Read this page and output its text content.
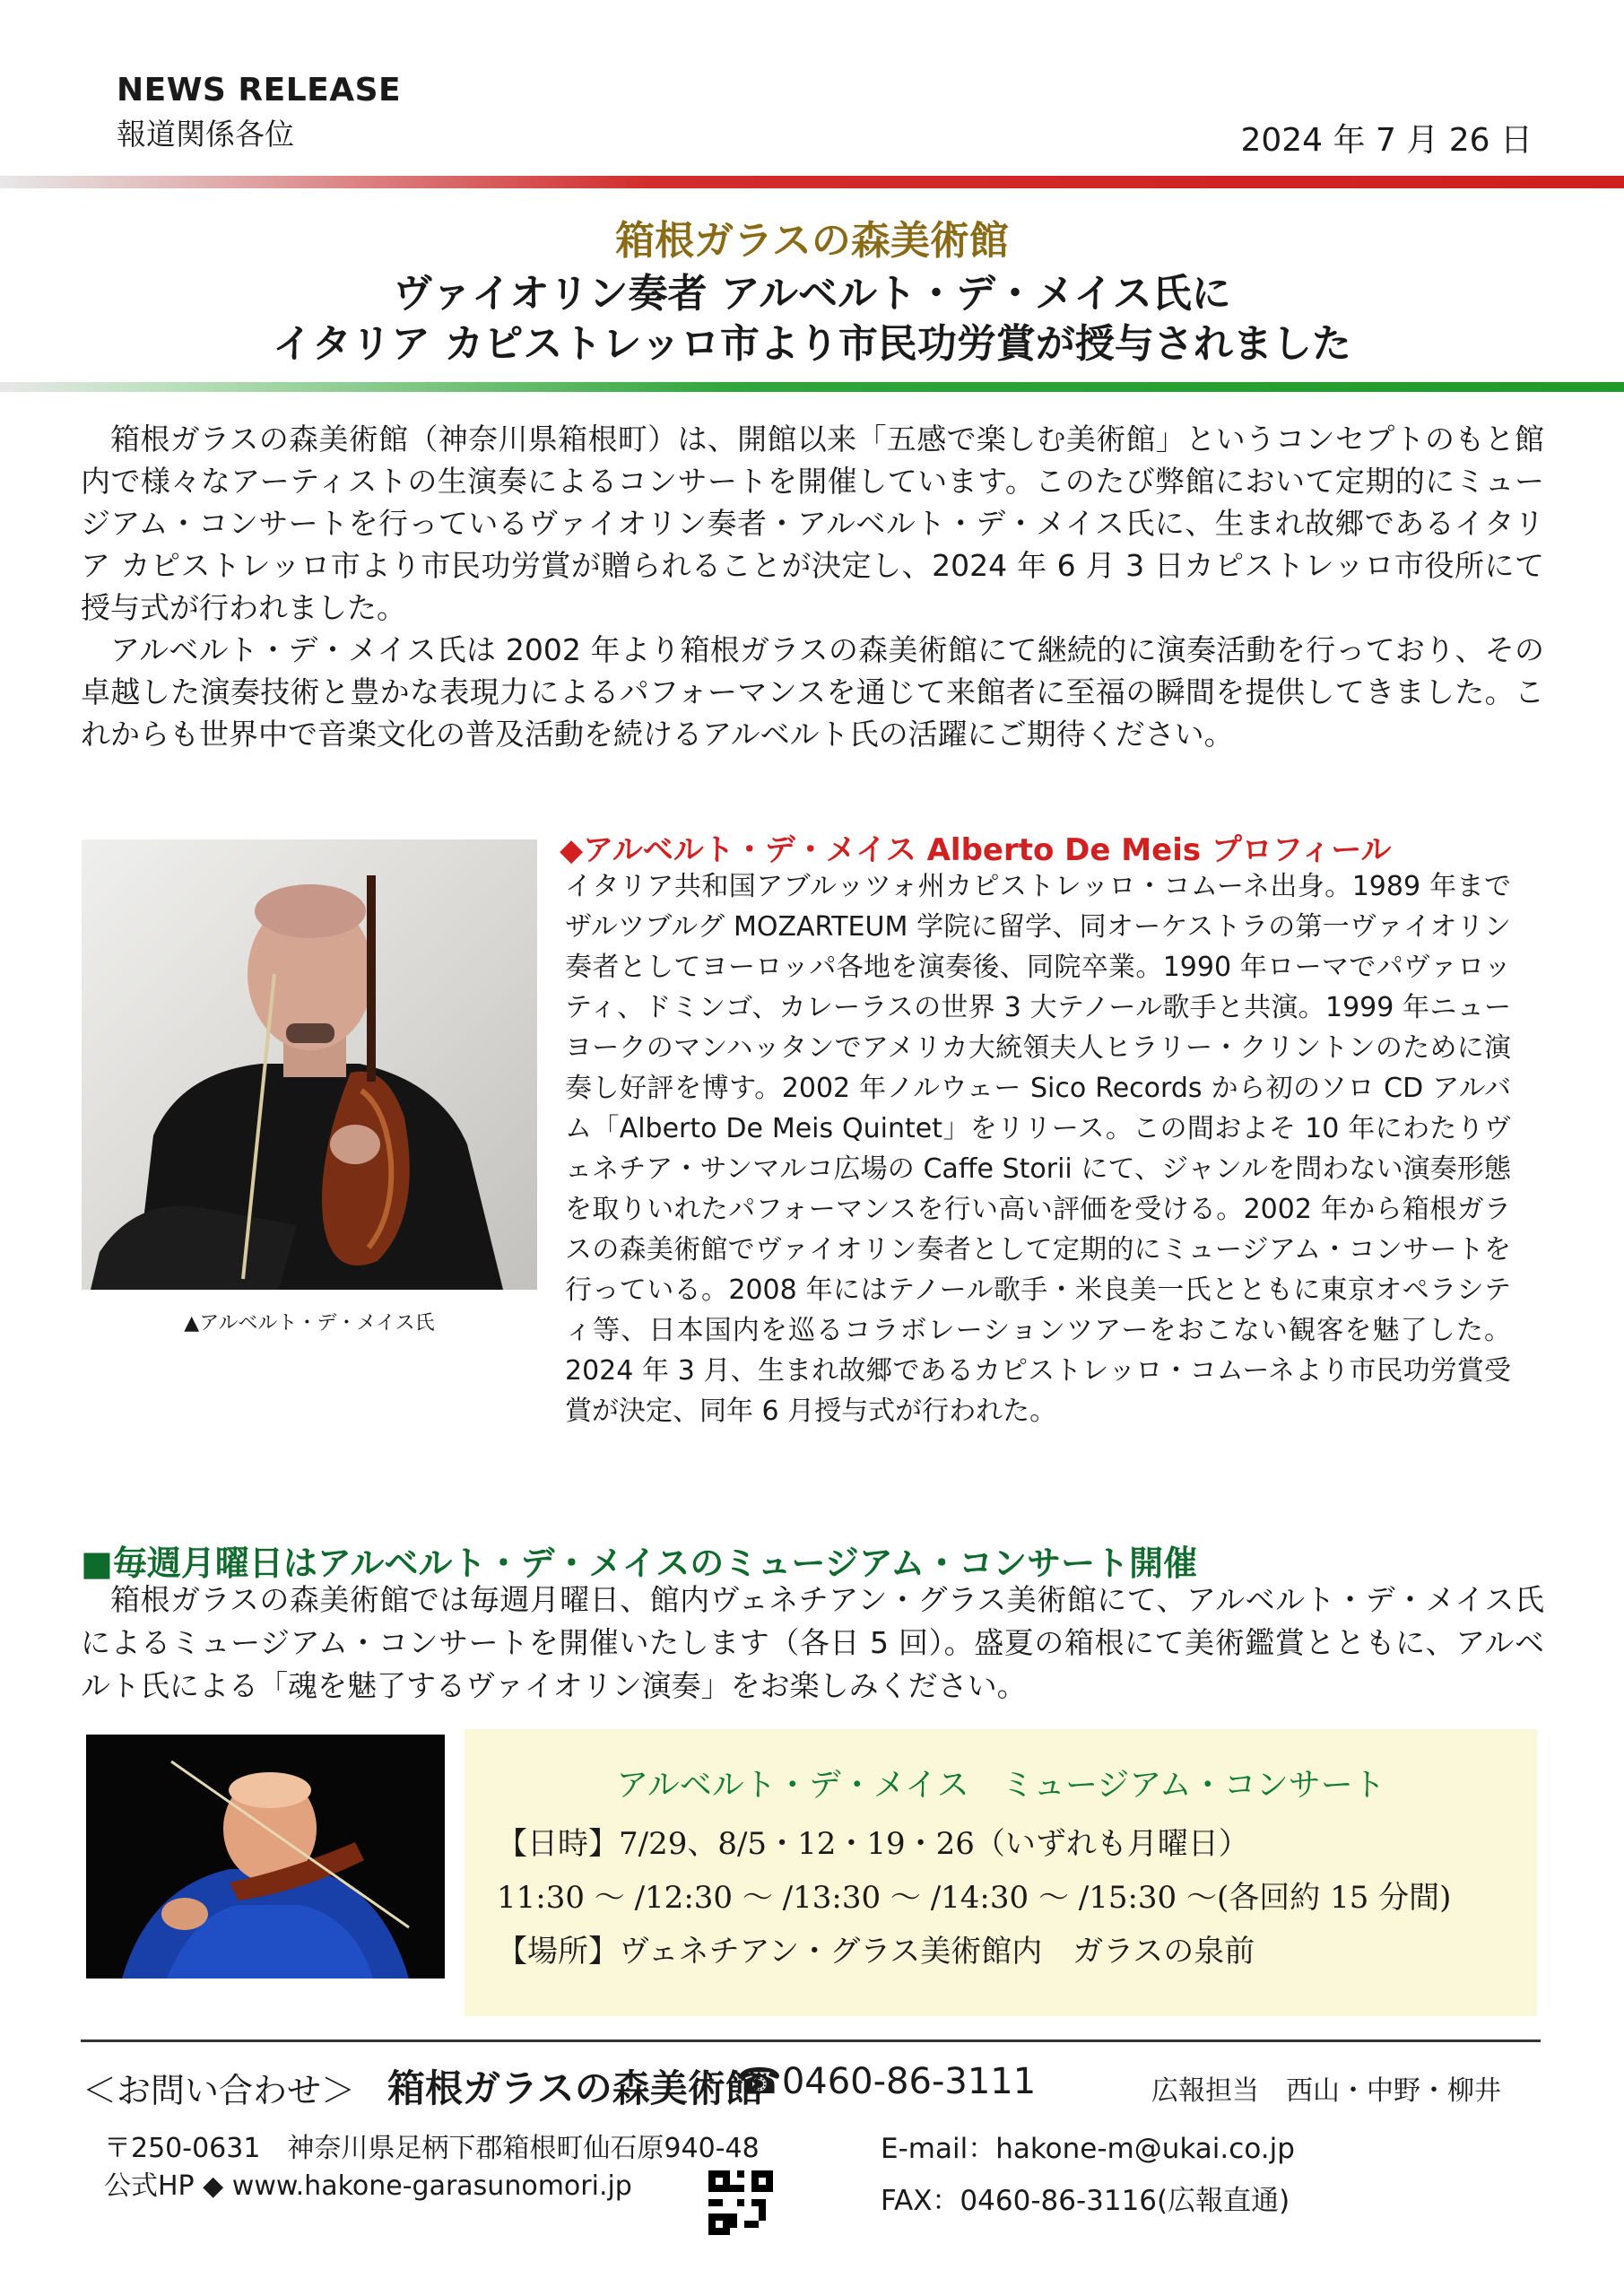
NEWS RELEASE
報道関係各位	2024 年 7 月 26 日
箱根ガラスの森美術館
ヴァイオリン奏者 アルベルト・デ・メイス氏に
イタリア カピストレッロ市より市民功労賞が授与されました

箱根ガラスの森美術館（神奈川県箱根町）は、開館以来「五感で楽しむ美術館」というコンセプトのもと館内で様々なアーティストの生演奏によるコンサートを開催しています。このたび弊館において定期的にミュージアム・コンサートを行っているヴァイオリン奏者・アルベルト・デ・メイス氏に、生まれ故郷であるイタリア カピストレッロ市より市民功労賞が贈られることが決定し、2024 年 6 月 3 日カピストレッロ市役所にて授与式が行われました。

アルベルト・デ・メイス氏は 2002 年より箱根ガラスの森美術館にて継続的に演奏活動を行っており、その卓越した演奏技術と豊かな表現力によるパフォーマンスを通じて来館者に至福の瞬間を提供してきました。これからも世界中で音楽文化の普及活動を続けるアルベルト氏の活躍にご期待ください。

▲アルベルト・デ・メイス氏
◆アルベルト・デ・メイス Alberto De Meis プロフィール
イタリア共和国アブルッツォ州カピストレッロ・コムーネ出身。1989 年までザルツブルグ MOZARTEUM 学院に留学、同オーケストラの第一ヴァイオリン奏者としてヨーロッパ各地を演奏後、同院卒業。1990 年ローマでパヴァロッティ、ドミンゴ、カレーラスの世界 3 大テノール歌手と共演。1999 年ニューヨークのマンハッタンでアメリカ大統領夫人ヒラリー・クリントンのために演奏し好評を博す。2002 年ノルウェー Sico Records から初のソロ CD アルバム「Alberto De Meis Quintet」をリリース。この間およそ 10 年にわたりヴェネチア・サンマルコ広場の Caffe Storii にて、ジャンルを問わない演奏形態を取りいれたパフォーマンスを行い高い評価を受ける。2002 年から箱根ガラスの森美術館でヴァイオリン奏者として定期的にミュージアム・コンサートを行っている。2008 年にはテノール歌手・米良美一氏とともに東京オペラシティ等、日本国内を巡るコラボレーションツアーをおこない観客を魅了した。2024 年 3 月、生まれ故郷であるカピストレッロ・コムーネより市民功労賞受賞が決定、同年 6 月授与式が行われた。
■毎週月曜日はアルベルト・デ・メイスのミュージアム・コンサート開催

箱根ガラスの森美術館では毎週月曜日、館内ヴェネチアン・グラス美術館にて、アルベルト・デ・メイス氏によるミュージアム・コンサートを開催いたします（各日 5 回）。盛夏の箱根にて美術鑑賞とともに、アルベルト氏による「魂を魅了するヴァイオリン演奏」をお楽しみください。

アルベルト・デ・メイス　ミュージアム・コンサート
【日時】7/29、8/5・12・19・26（いずれも月曜日）
11:30 ～ /12:30 ～ /13:30 ～ /14:30 ～ /15:30 ～(各回約 15 分間)
【場所】ヴェネチアン・グラス美術館内　ガラスの泉前
＜お問い合わせ＞ 箱根ガラスの森美術館
☎0460-86-3111	広報担当　西山・中野・柳井
〒250-0631　神奈川県足柄下郡箱根町仙石原940-48	E-mail：hakone-m@ukai.co.jp
公式HP ◆ www.hakone-garasunomori.jp	FAX：0460-86-3116(広報直通)
